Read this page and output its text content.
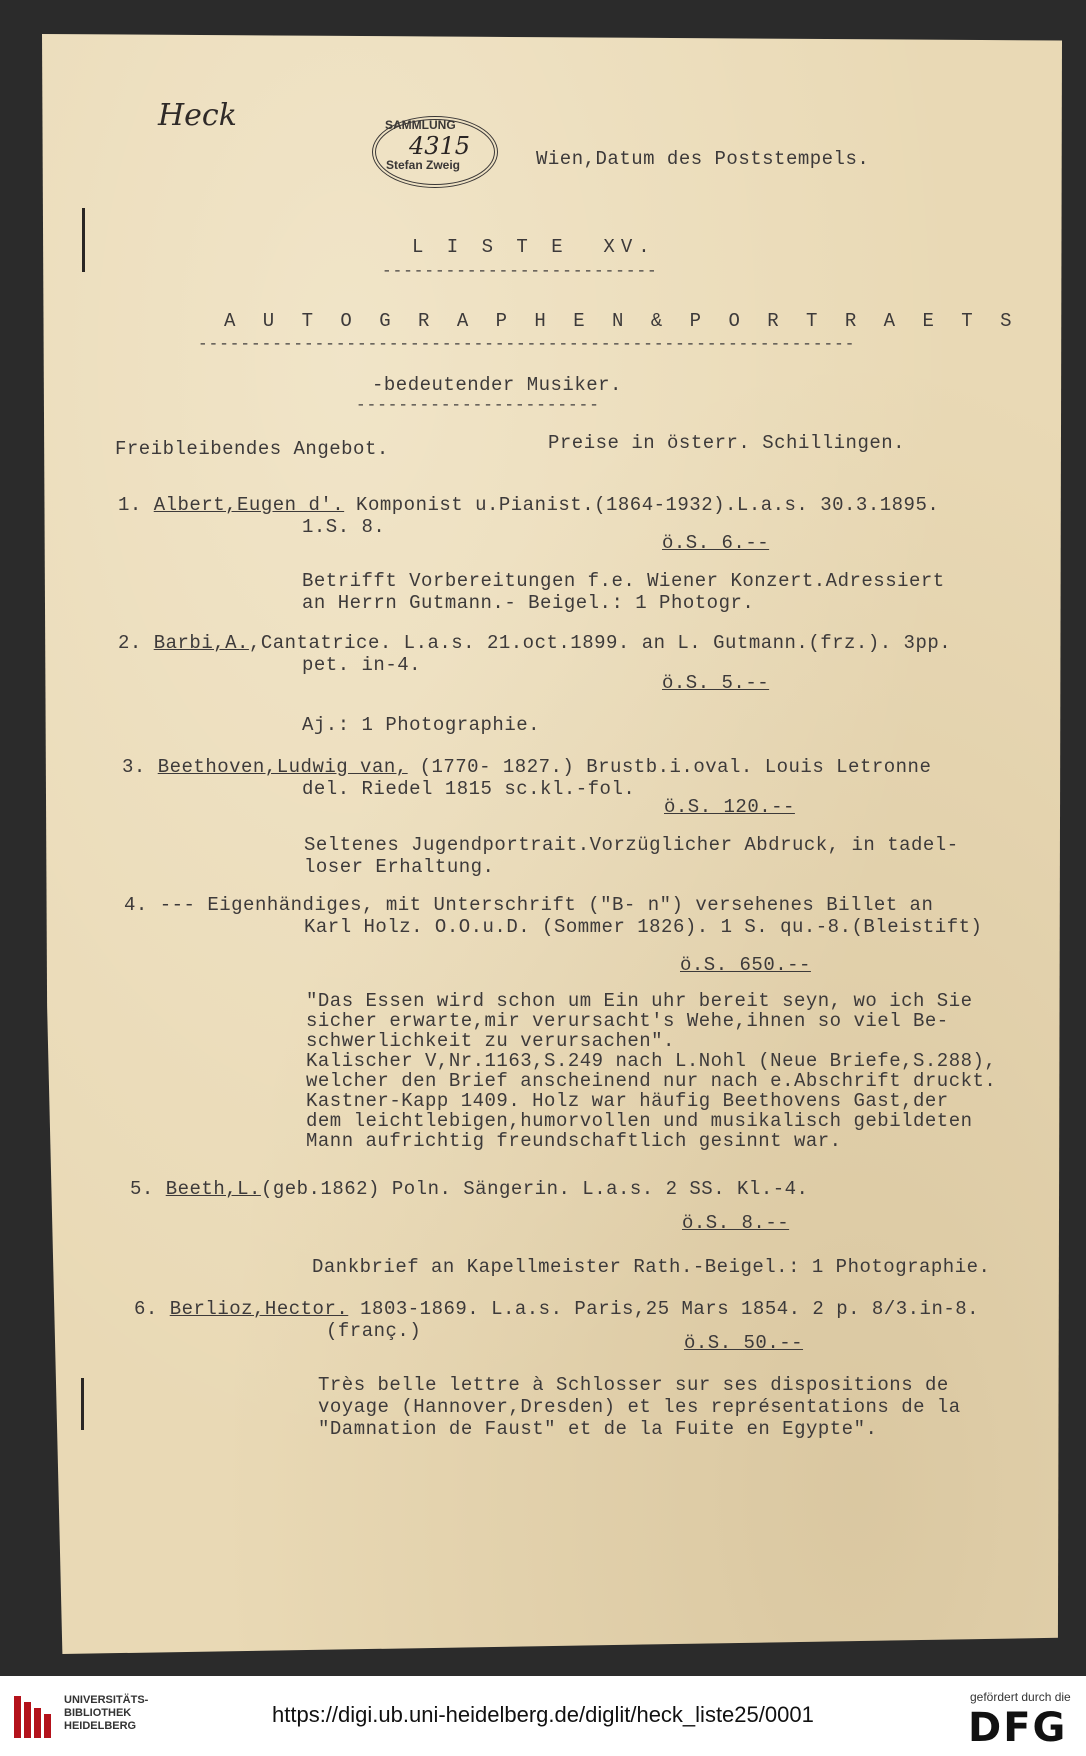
Heck	SAMMLUNG
Stefan Zweig
4315	Wien,Datum des Poststempels.
L I S T E  XV.
--------------------------
A U T O G R A P H E N & P O R T R A E T S
--------------------------------------------------------------
-bedeutender Musiker.
-----------------------
Freibleibendes Angebot.	Preise in österr. Schillingen.
1. Albert,Eugen d'. Komponist u.Pianist.(1864-1932).L.a.s. 30.3.1895.
1.S. 8.
ö.S. 6.--
Betrifft Vorbereitungen f.e. Wiener Konzert.Adressiert
an Herrn Gutmann.- Beigel.: 1 Photogr.
2. Barbi,A.,Cantatrice. L.a.s. 21.oct.1899. an L. Gutmann.(frz.). 3pp.
pet. in-4.
ö.S. 5.--
Aj.: 1 Photographie.
3. Beethoven,Ludwig van, (1770- 1827.) Brustb.i.oval. Louis Letronne
del. Riedel 1815 sc.kl.-fol.
ö.S. 120.--
Seltenes Jugendportrait.Vorzüglicher Abdruck, in tadel-
loser Erhaltung.
4. --- Eigenhändiges, mit Unterschrift ("B- n") versehenes Billet an
Karl Holz. O.O.u.D. (Sommer 1826). 1 S. qu.-8.(Bleistift)
ö.S. 650.--
"Das Essen wird schon um Ein uhr bereit seyn, wo ich Sie
sicher erwarte,mir verursacht's Wehe,ihnen so viel Be-
schwerlichkeit zu verursachen".
Kalischer V,Nr.1163,S.249 nach L.Nohl (Neue Briefe,S.288),
welcher den Brief anscheinend nur nach e.Abschrift druckt.
Kastner-Kapp 1409. Holz war häufig Beethovens Gast,der
dem leichtlebigen,humorvollen und musikalisch gebildeten
Mann aufrichtig freundschaftlich gesinnt war.
5. Beeth,L.(geb.1862) Poln. Sängerin. L.a.s. 2 SS. Kl.-4.
ö.S. 8.--
Dankbrief an Kapellmeister Rath.-Beigel.: 1 Photographie.
6. Berlioz,Hector. 1803-1869. L.a.s. Paris,25 Mars 1854. 2 p. 8/3.in-8.
(franç.)
ö.S. 50.--
Très belle lettre à Schlosser sur ses dispositions de
voyage (Hannover,Dresden) et les représentations de la
"Damnation de Faust" et de la Fuite en Egypte".
UNIVERSITÄTS-
BIBLIOTHEK
HEIDELBERG	https://digi.ub.uni-heidelberg.de/diglit/heck_liste25/0001
gefördert durch die
DFG
